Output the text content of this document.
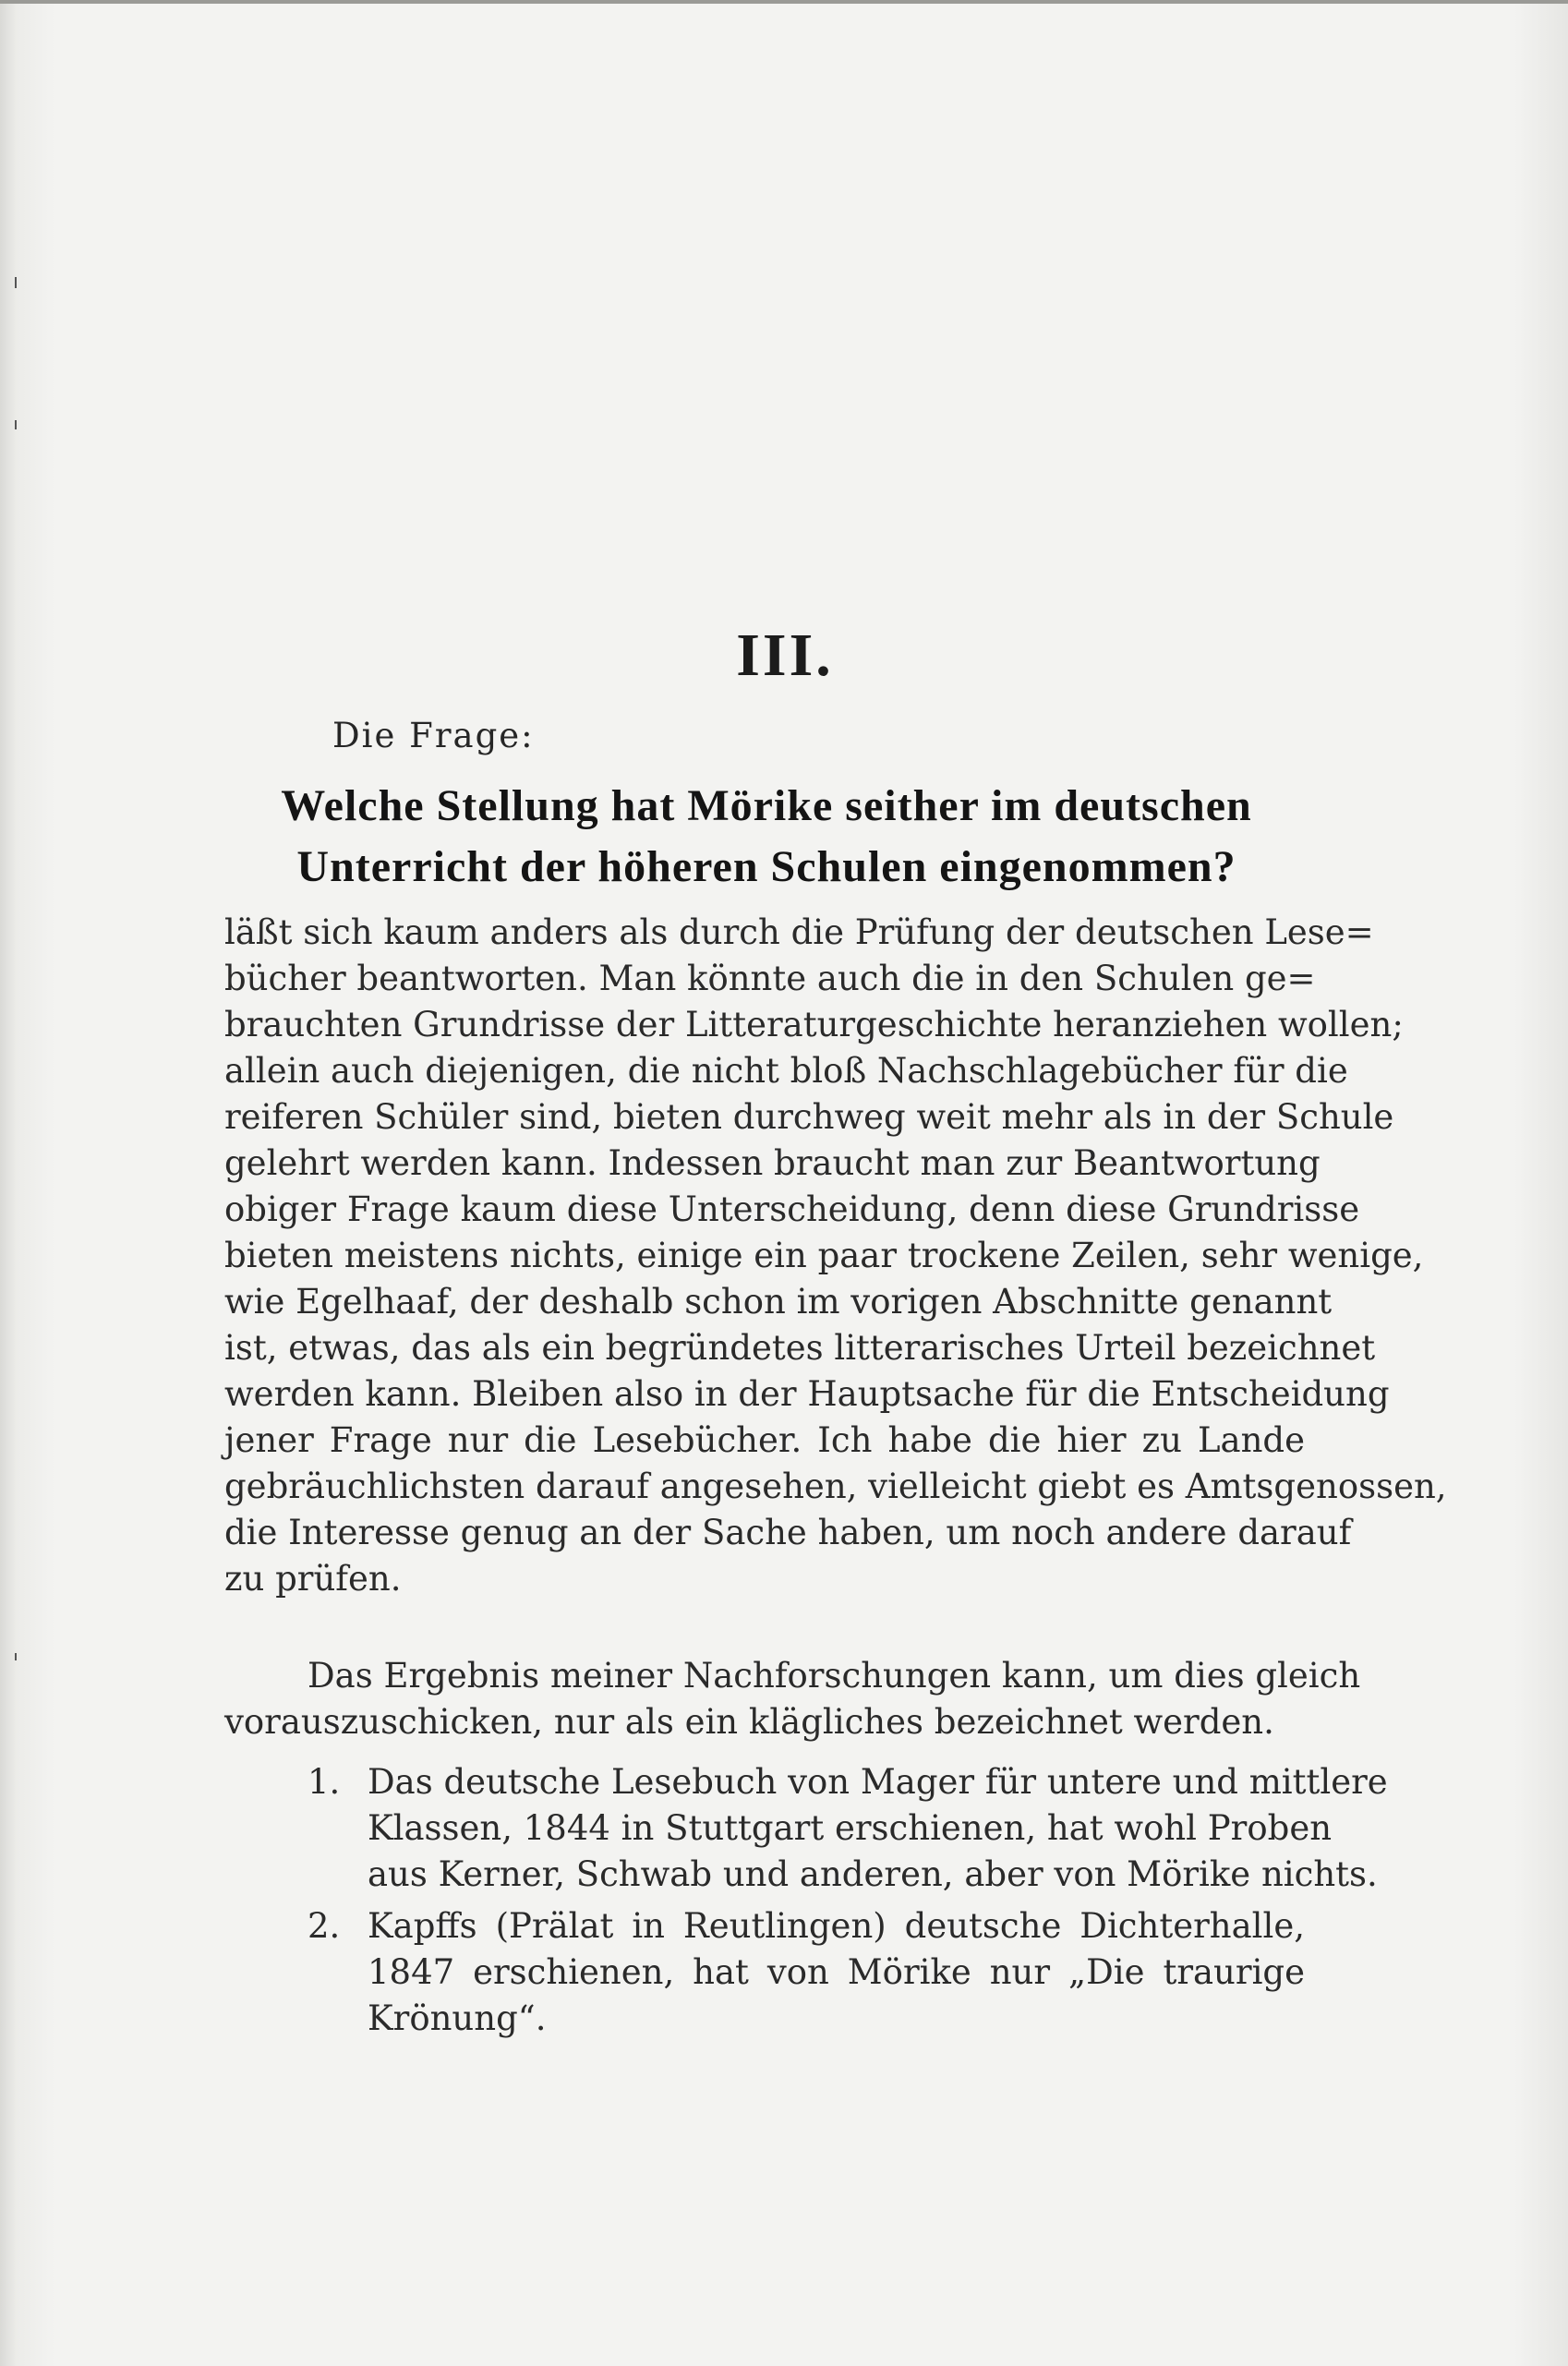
III.
Die Frage:
Welche Stellung hat Mörike seither im deutschen
Unterricht der höheren Schulen eingenommen?
läßt sich kaum anders als durch die Prüfung der deutschen Lese=
bücher beantworten. Man könnte auch die in den Schulen ge=
brauchten Grundrisse der Litteraturgeschichte heranziehen wollen;
allein auch diejenigen, die nicht bloß Nachschlagebücher für die
reiferen Schüler sind, bieten durchweg weit mehr als in der Schule
gelehrt werden kann. Indessen braucht man zur Beantwortung
obiger Frage kaum diese Unterscheidung, denn diese Grundrisse
bieten meistens nichts, einige ein paar trockene Zeilen, sehr wenige,
wie Egelhaaf, der deshalb schon im vorigen Abschnitte genannt
ist, etwas, das als ein begründetes litterarisches Urteil bezeichnet
werden kann. Bleiben also in der Hauptsache für die Entscheidung
jener Frage nur die Lesebücher. Ich habe die hier zu Lande
gebräuchlichsten darauf angesehen, vielleicht giebt es Amtsgenossen,
die Interesse genug an der Sache haben, um noch andere darauf
zu prüfen.
Das Ergebnis meiner Nachforschungen kann, um dies gleich
vorauszuschicken, nur als ein klägliches bezeichnet werden.
1. Das deutsche Lesebuch von Mager für untere und mittlere
Klassen, 1844 in Stuttgart erschienen, hat wohl Proben
aus Kerner, Schwab und anderen, aber von Mörike nichts.
2. Kapffs (Prälat in Reutlingen) deutsche Dichterhalle,
1847 erschienen, hat von Mörike nur „Die traurige
Krönung“.
